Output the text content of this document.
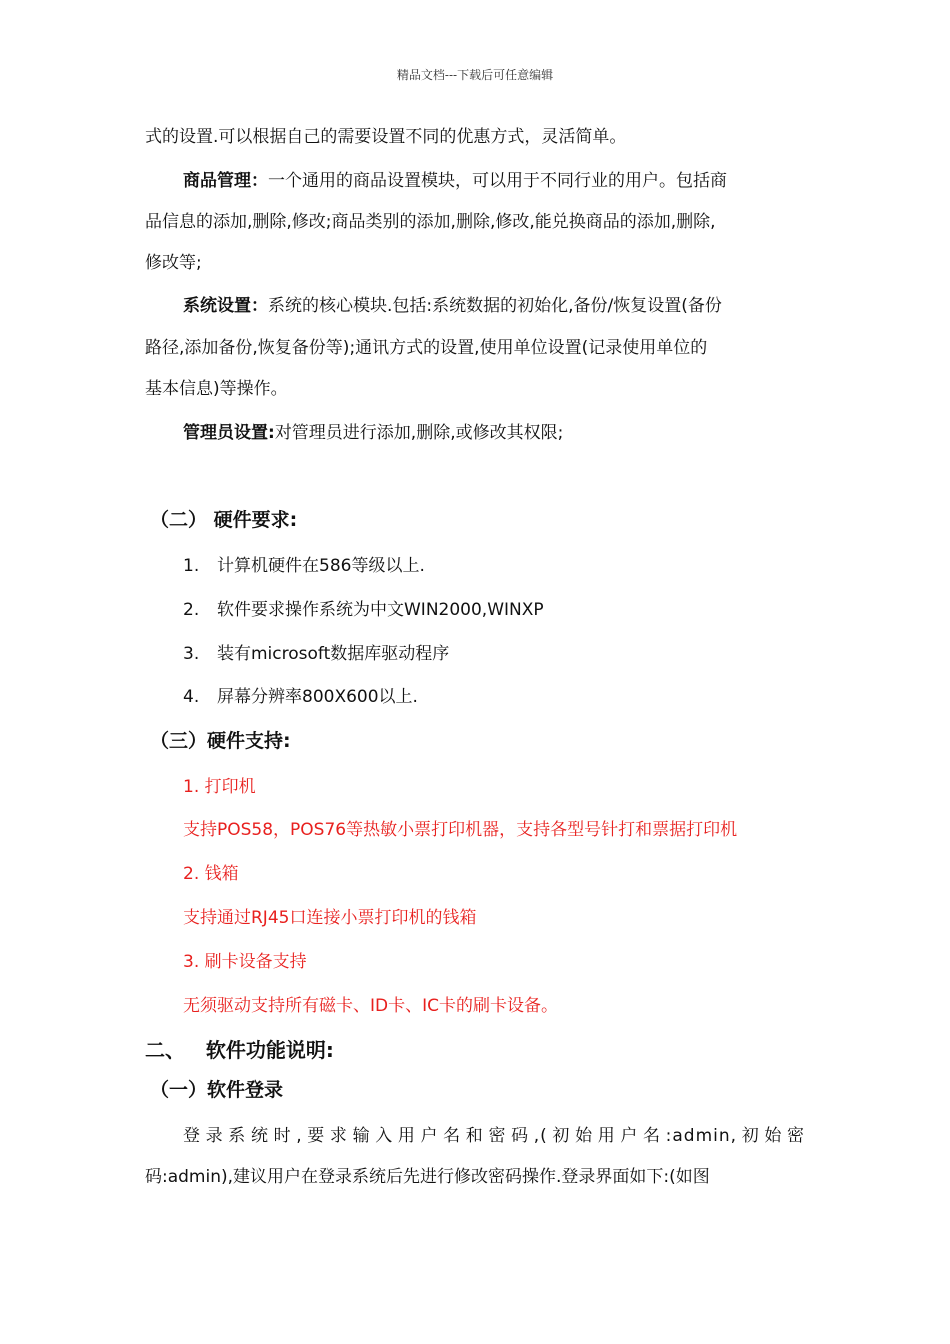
精品文档---下载后可任意编辑
式的设置.可以根据自己的需要设置不同的优惠方式，灵活简单。
商品管理：一个通用的商品设置模块，可以用于不同行业的用户。包括商
品信息的添加,删除,修改;商品类别的添加,删除,修改,能兑换商品的添加,删除,
修改等;
系统设置：系统的核心模块.包括:系统数据的初始化,备份/恢复设置(备份
路径,添加备份,恢复备份等);通讯方式的设置,使用单位设置(记录使用单位的
基本信息)等操作。
管理员设置:对管理员进行添加,删除,或修改其权限;
（二） 硬件要求:
1. 计算机硬件在586等级以上.
2. 软件要求操作系统为中文WIN2000,WINXP
3. 装有microsoft数据库驱动程序
4. 屏幕分辨率800X600以上.
（三）硬件支持:
1. 打印机
支持POS58，POS76等热敏小票打印机器，支持各型号针打和票据打印机
2. 钱箱
支持通过RJ45口连接小票打印机的钱箱
3. 刷卡设备支持
无须驱动支持所有磁卡、ID卡、IC卡的刷卡设备。
二、   软件功能说明:
（一）软件登录
登录系统时,要求输入用户名和密码,(初始用户名:admin,初始密
码:admin),建议用户在登录系统后先进行修改密码操作.登录界面如下:(如图
